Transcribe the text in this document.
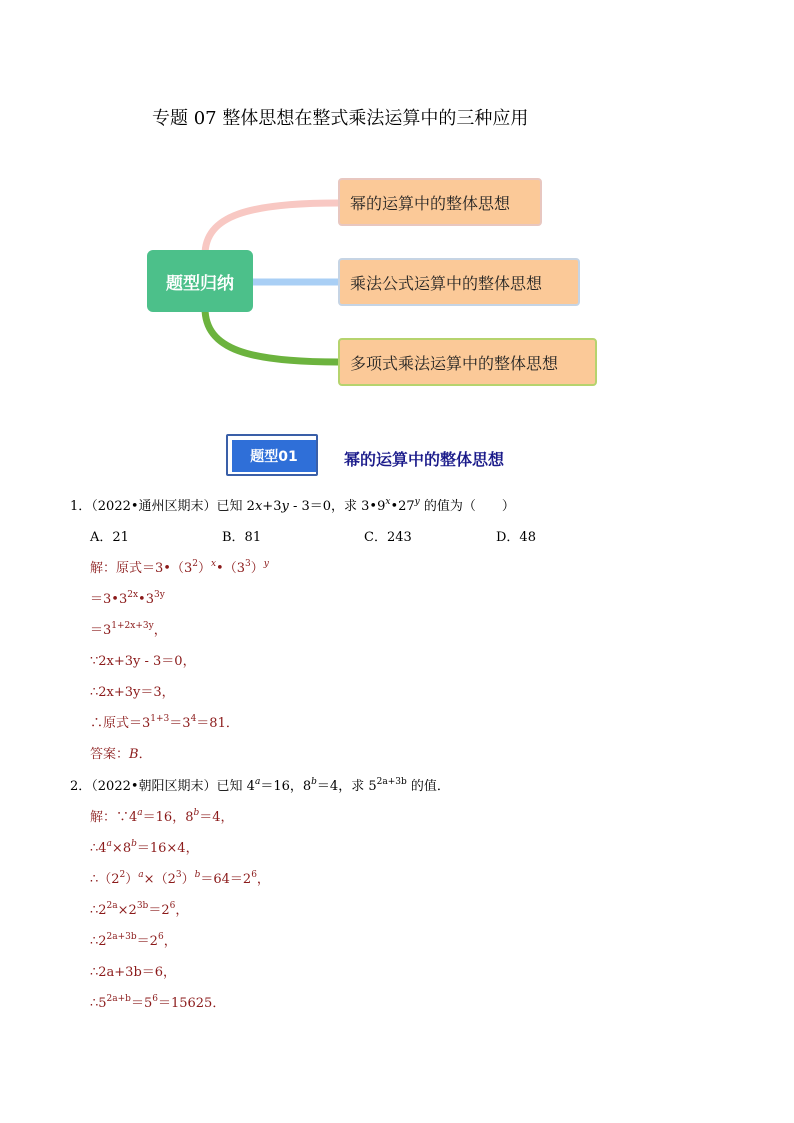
专题 07 整体思想在整式乘法运算中的三种应用
题型归纳
幂的运算中的整体思想
乘法公式运算中的整体思想
多项式乘法运算中的整体思想
题型01	幂的运算中的整体思想
1．（2022•通州区期末）已知 2x+3y - 3＝0，求 3•9$^x$•27$^y$ 的值为（　　）
A．21	B．81	C．243	D．48
解：原式$=3•(3^2)^x•(3^3)^y$
$=3•3^{2x}•3^{3y}$
$=3^{1+2x+3y}$，
∵2x+3y - 3＝0，
∴2x+3y＝3，
∴原式$=3^{1+3}=3^4=81$．
答案：B．
2．（2022•朝阳区期末）已知 $4^a=16$，$8^b=4$，求 $5^{2a+3b}$ 的值．
解：$\because 4^a=16$，$8^b=4$，
$\therefore 4^a\times 8^b=16\times 4$，
$\therefore(2^2)^a\times(2^3)^b=64=2^6$，
$\therefore 2^{2a}\times 2^{3b}=2^6$，
$\therefore 2^{2a+3b}=2^6$，
∴2a+3b＝6，
$\therefore 5^{2a+b}=5^6=15625$．
